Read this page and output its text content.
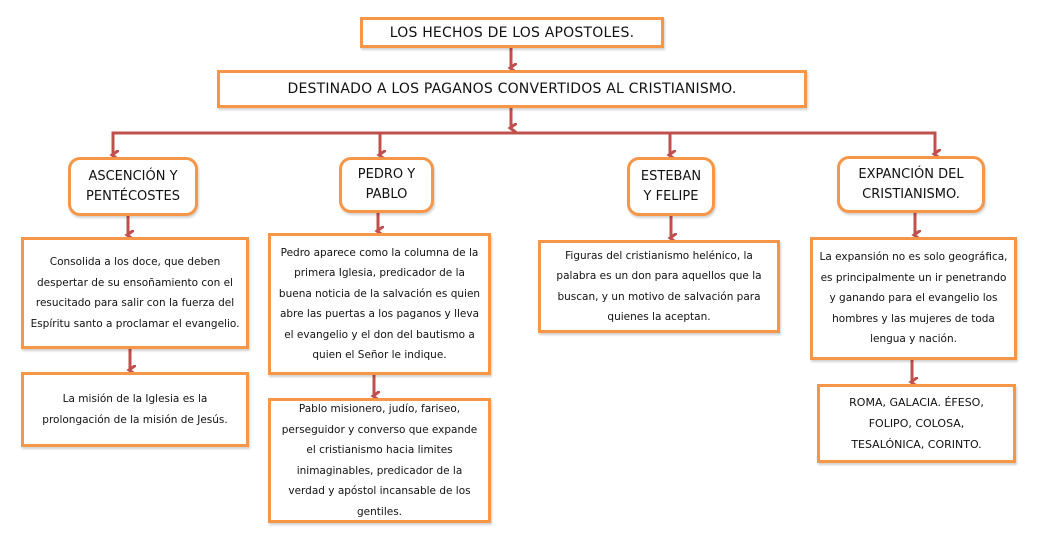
LOS HECHOS DE LOS APOSTOLES.
DESTINADO A LOS PAGANOS CONVERTIDOS AL CRISTIANISMO.
ASCENCIÓN Y PENTÉCOSTES
PEDRO Y PABLO
ESTEBAN Y FELIPE
EXPANCIÓN DEL CRISTIANISMO.
Consolida a los doce, que deben despertar de su ensoñamiento con el resucitado para salir con la fuerza del Espíritu santo a proclamar el evangelio.
Pedro aparece como la columna de la primera Iglesia, predicador de la buena noticia de la salvación es quien abre las puertas a los paganos y lleva el evangelio y el don del bautismo a quien el Señor le indique.
Figuras del cristianismo helénico, la palabra es un don para aquellos que la buscan, y un motivo de salvación para quienes la aceptan.
La expansión no es solo geográfica, es principalmente un ir penetrando y ganando para el evangelio los hombres y las mujeres de toda lengua y nación.
La misión de la Iglesia es la prolongación de la misión de Jesús.
Pablo misionero, judío, fariseo, perseguidor y converso que expande el cristianismo hacia limites inimaginables, predicador de la verdad y apóstol incansable de los gentiles.
ROMA, GALACIA. ÉFESO, FOLIPO, COLOSA, TESALÓNICA, CORINTO.
